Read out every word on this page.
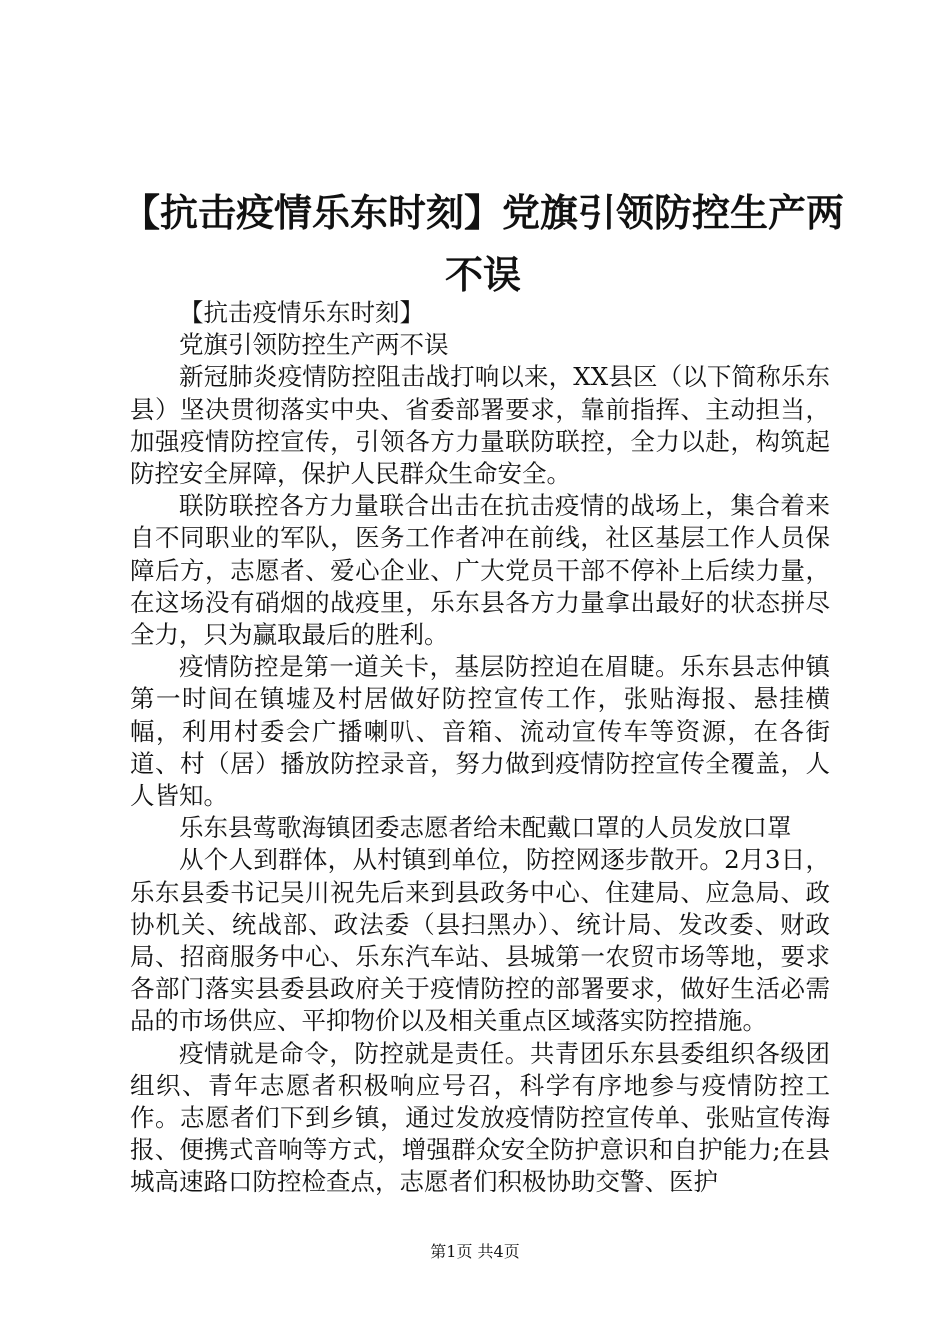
【抗击疫情乐东时刻】党旗引领防控生产两不误

【抗击疫情乐东时刻】

党旗引领防控生产两不误

新冠肺炎疫情防控阻击战打响以来，XX县区（以下简称乐东县）坚决贯彻落实中央、省委部署要求，靠前指挥、主动担当，加强疫情防控宣传，引领各方力量联防联控，全力以赴，构筑起防控安全屏障，保护人民群众生命安全。

联防联控各方力量联合出击在抗击疫情的战场上，集合着来自不同职业的军队，医务工作者冲在前线，社区基层工作人员保障后方，志愿者、爱心企业、广大党员干部不停补上后续力量，在这场没有硝烟的战疫里，乐东县各方力量拿出最好的状态拼尽全力，只为赢取最后的胜利。

疫情防控是第一道关卡，基层防控迫在眉睫。乐东县志仲镇第一时间在镇墟及村居做好防控宣传工作，张贴海报、悬挂横幅，利用村委会广播喇叭、音箱、流动宣传车等资源，在各街道、村（居）播放防控录音，努力做到疫情防控宣传全覆盖，人人皆知。

乐东县莺歌海镇团委志愿者给未配戴口罩的人员发放口罩

从个人到群体，从村镇到单位，防控网逐步散开。2月3日，乐东县委书记吴川祝先后来到县政务中心、住建局、应急局、政协机关、统战部、政法委（县扫黑办）、统计局、发改委、财政局、招商服务中心、乐东汽车站、县城第一农贸市场等地，要求各部门落实县委县政府关于疫情防控的部署要求，做好生活必需品的市场供应、平抑物价以及相关重点区域落实防控措施。

疫情就是命令，防控就是责任。共青团乐东县委组织各级团组织、青年志愿者积极响应号召，科学有序地参与疫情防控工作。志愿者们下到乡镇，通过发放疫情防控宣传单、张贴宣传海报、便携式音响等方式，增强群众安全防护意识和自护能力;在县城高速路口防控检查点，志愿者们积极协助交警、医护

第1页 共4页
